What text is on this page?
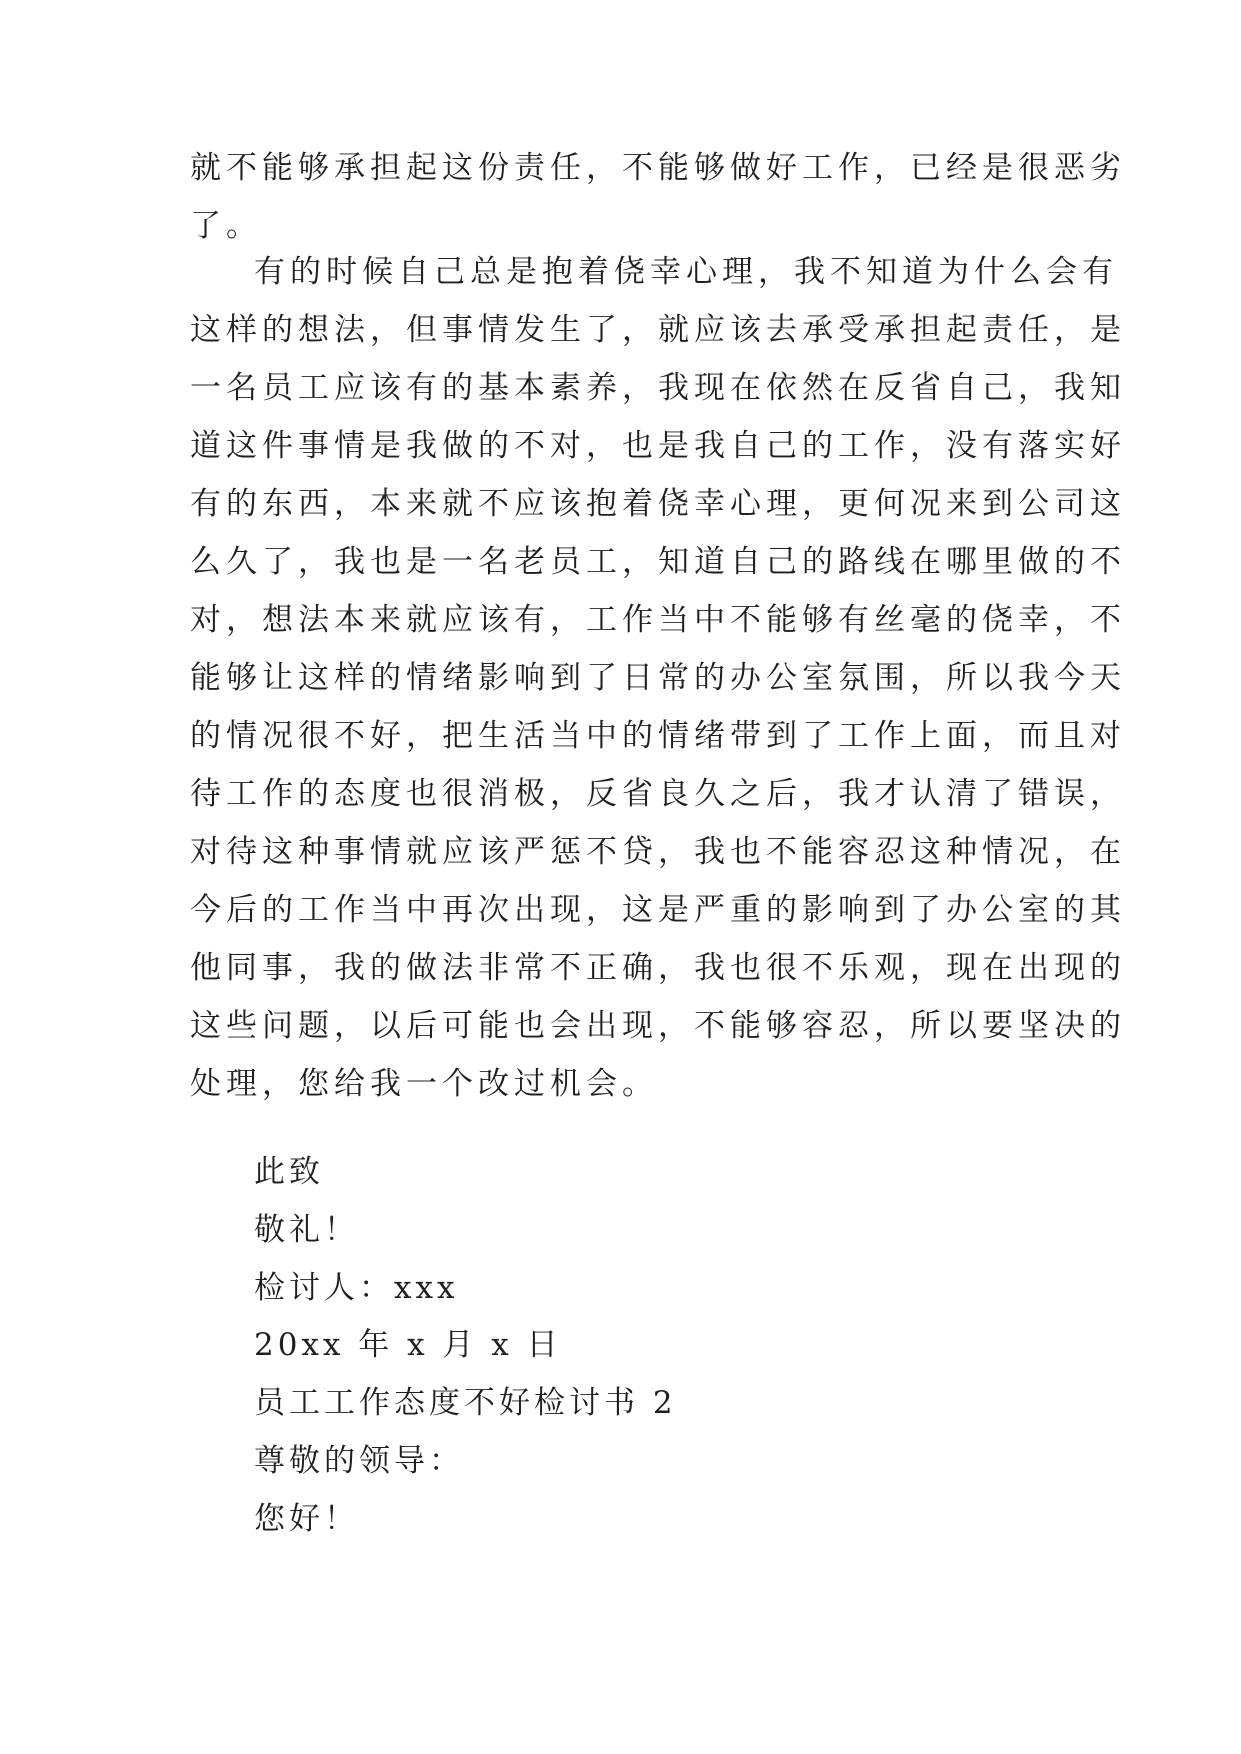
就不能够承担起这份责任，不能够做好工作，已经是很恶劣
了。
有的时候自己总是抱着侥幸心理，我不知道为什么会有
这样的想法，但事情发生了，就应该去承受承担起责任，是
一名员工应该有的基本素养，我现在依然在反省自己，我知
道这件事情是我做的不对，也是我自己的工作，没有落实好
有的东西，本来就不应该抱着侥幸心理，更何况来到公司这
么久了，我也是一名老员工，知道自己的路线在哪里做的不
对，想法本来就应该有，工作当中不能够有丝毫的侥幸，不
能够让这样的情绪影响到了日常的办公室氛围，所以我今天
的情况很不好，把生活当中的情绪带到了工作上面，而且对
待工作的态度也很消极，反省良久之后，我才认清了错误，
对待这种事情就应该严惩不贷，我也不能容忍这种情况，在
今后的工作当中再次出现，这是严重的影响到了办公室的其
他同事，我的做法非常不正确，我也很不乐观，现在出现的
这些问题，以后可能也会出现，不能够容忍，所以要坚决的
处理，您给我一个改过机会。
此致
敬礼！
检讨人：xxx
20xx 年 x 月 x 日
员工工作态度不好检讨书 2
尊敬的领导：
您好！
